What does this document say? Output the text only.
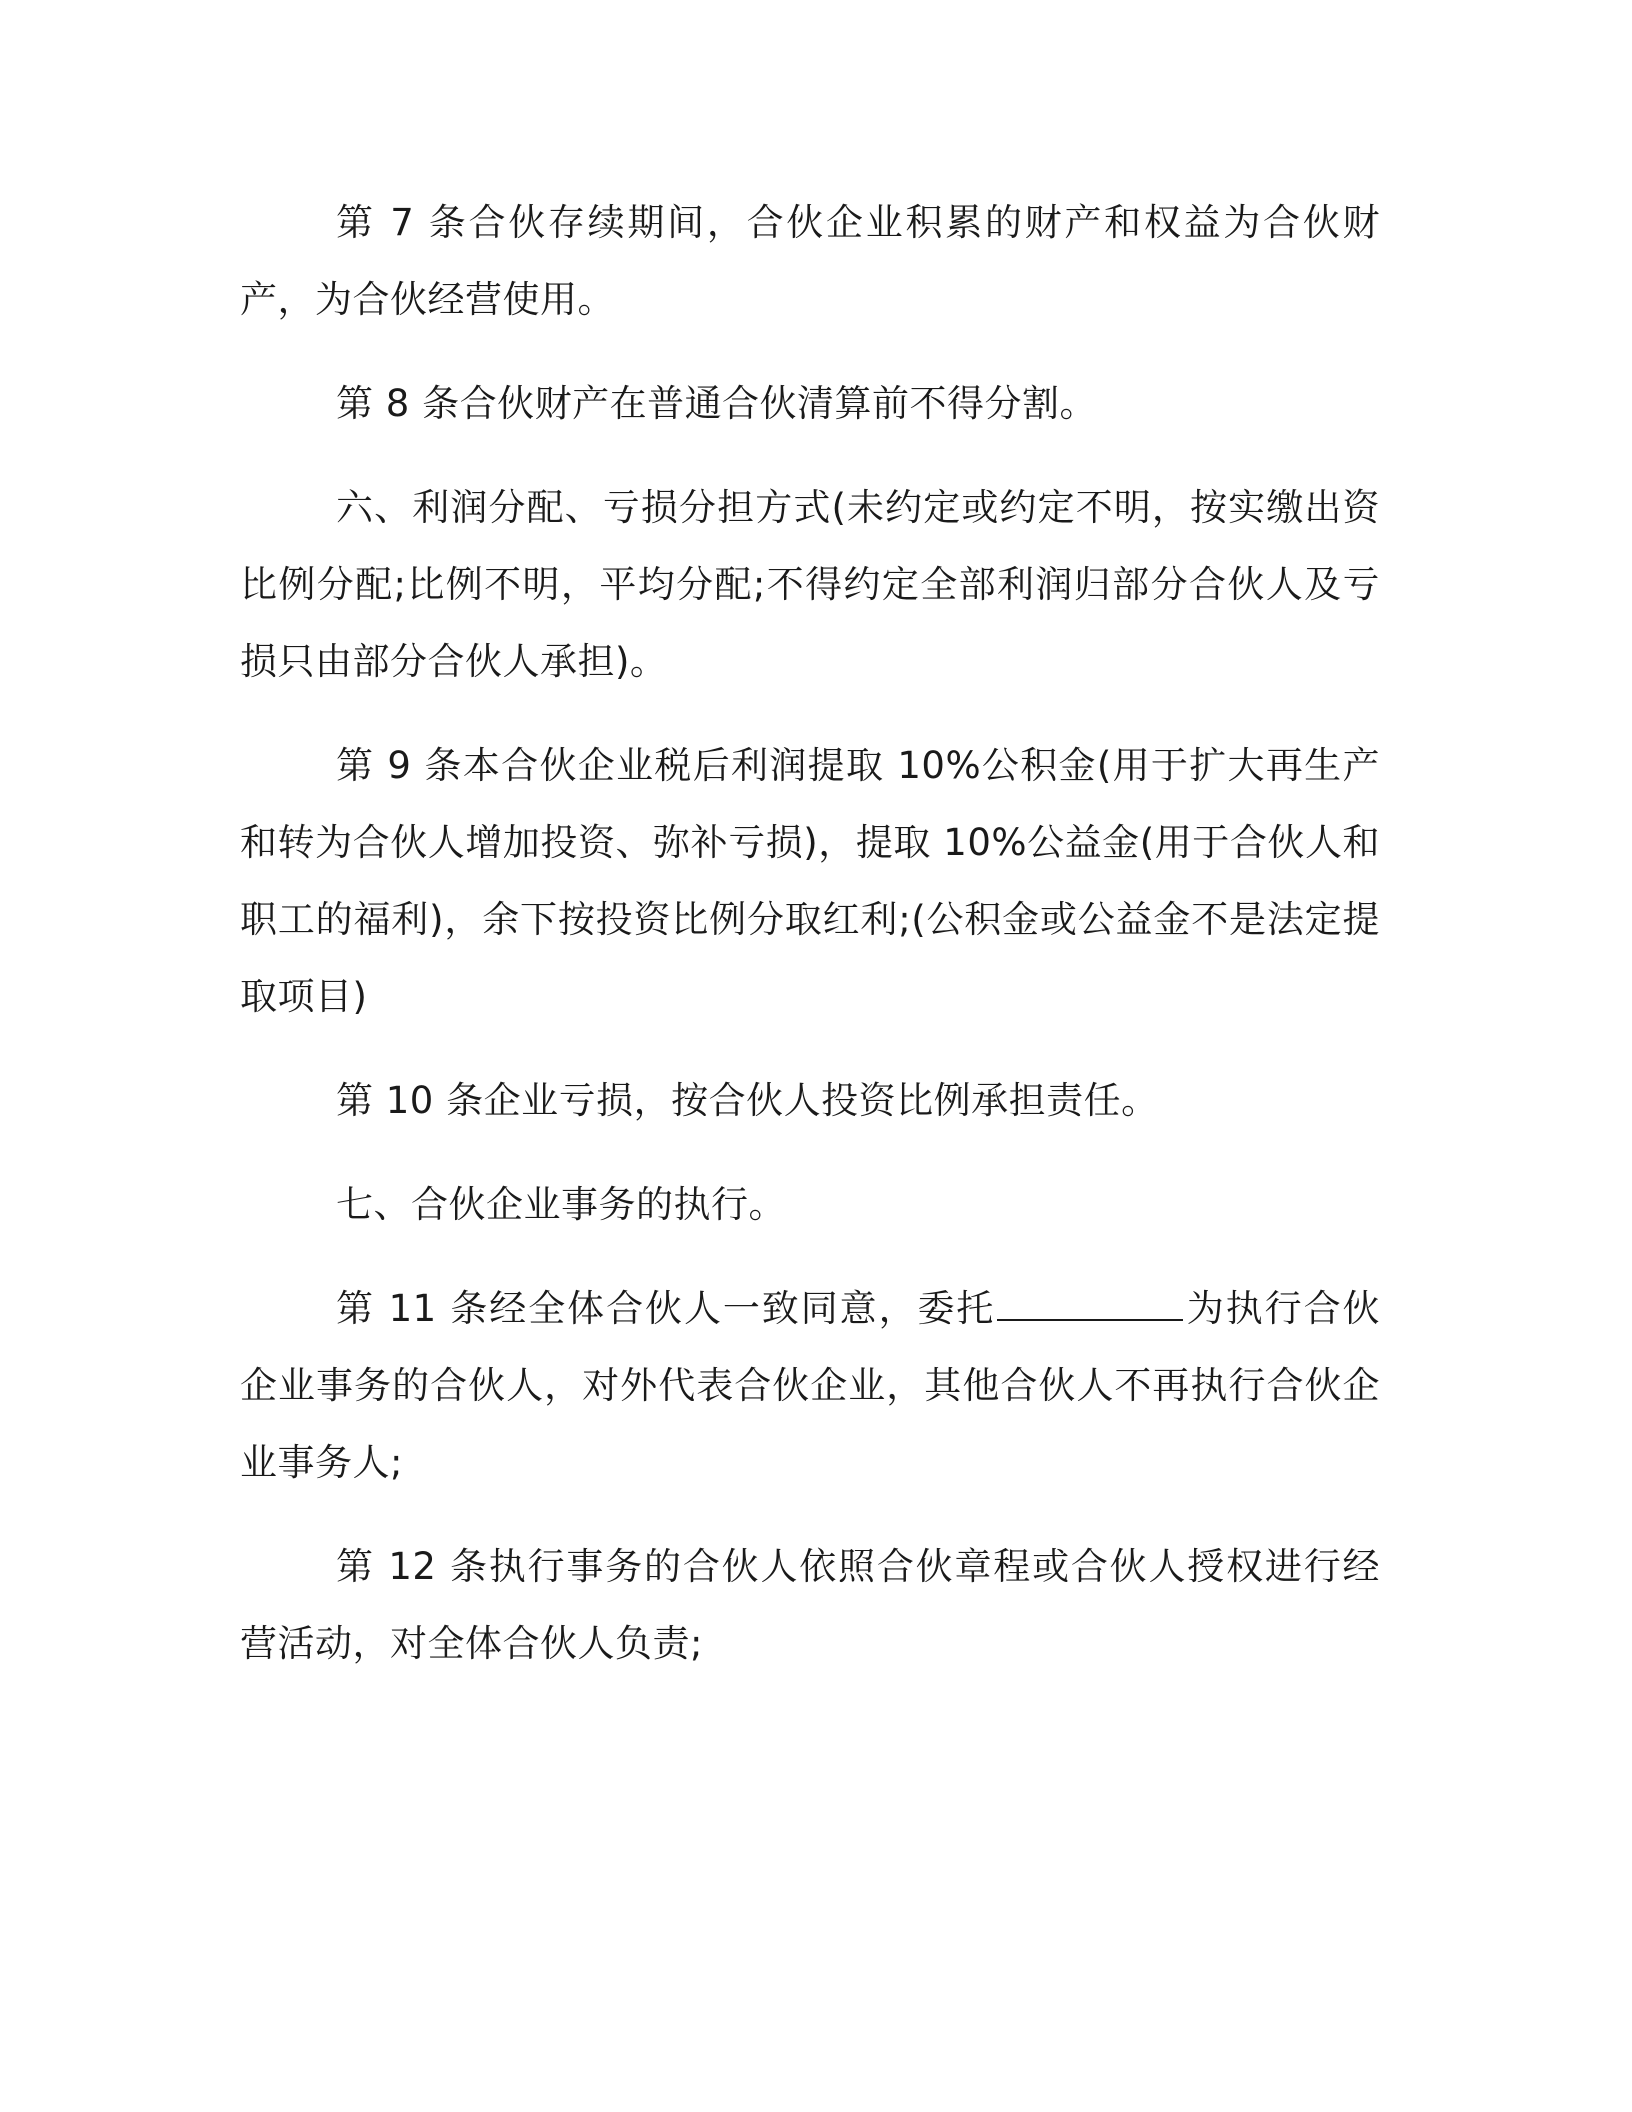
第 7 条合伙存续期间，合伙企业积累的财产和权益为合伙财产，为合伙经营使用。

第 8 条合伙财产在普通合伙清算前不得分割。

六、利润分配、亏损分担方式(未约定或约定不明，按实缴出资比例分配;比例不明，平均分配;不得约定全部利润归部分合伙人及亏损只由部分合伙人承担)。

第 9 条本合伙企业税后利润提取 10%公积金(用于扩大再生产和转为合伙人增加投资、弥补亏损)，提取 10%公益金(用于合伙人和职工的福利)，余下按投资比例分取红利;(公积金或公益金不是法定提取项目)

第 10 条企业亏损，按合伙人投资比例承担责任。

七、合伙企业事务的执行。

第 11 条经全体合伙人一致同意，委托	为执行合伙企业事务的合伙人，对外代表合伙企业，其他合伙人不再执行合伙企业事务人;

第 12 条执行事务的合伙人依照合伙章程或合伙人授权进行经营活动，对全体合伙人负责;
